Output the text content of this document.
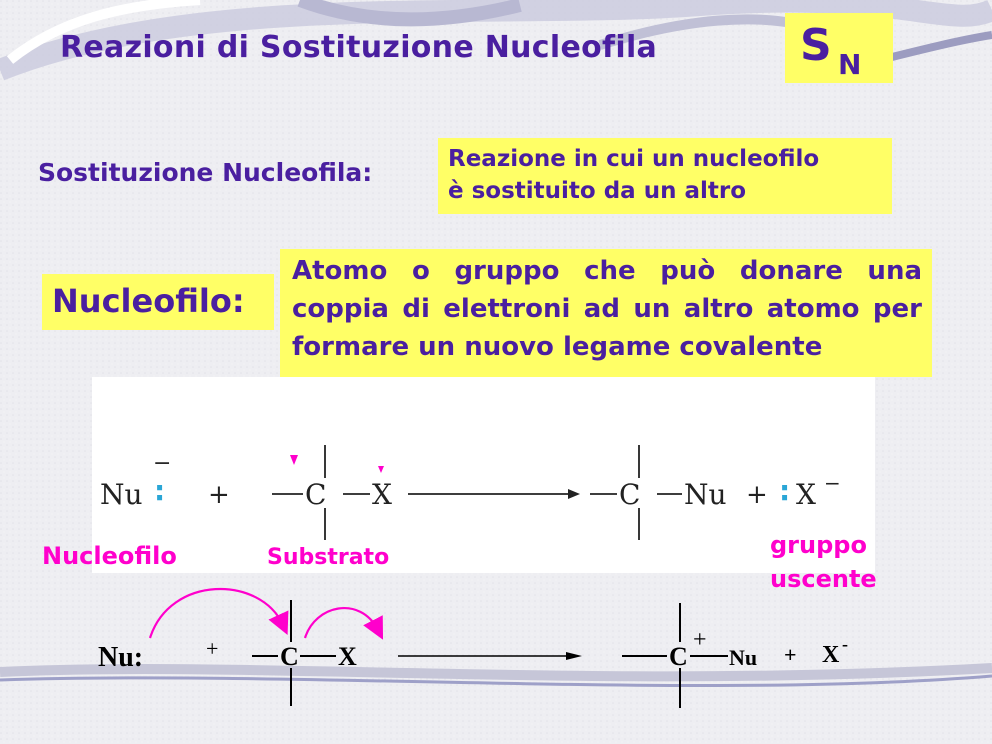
Reazioni di Sostituzione Nucleofila	S N
Sostituzione Nucleofila:	Reazione in cui un nucleofilo
è sostituito da un altro
Nucleofilo:
Atomo o gruppo che può donare una coppia di elettroni ad un altro atomo per formare un nuovo legame covalente
Nu :
−
+	C X	C Nu + : X −
Nucleofilo	Substrato	gruppo
uscente
Nu:	+ C X	C
+
Nu + X -
